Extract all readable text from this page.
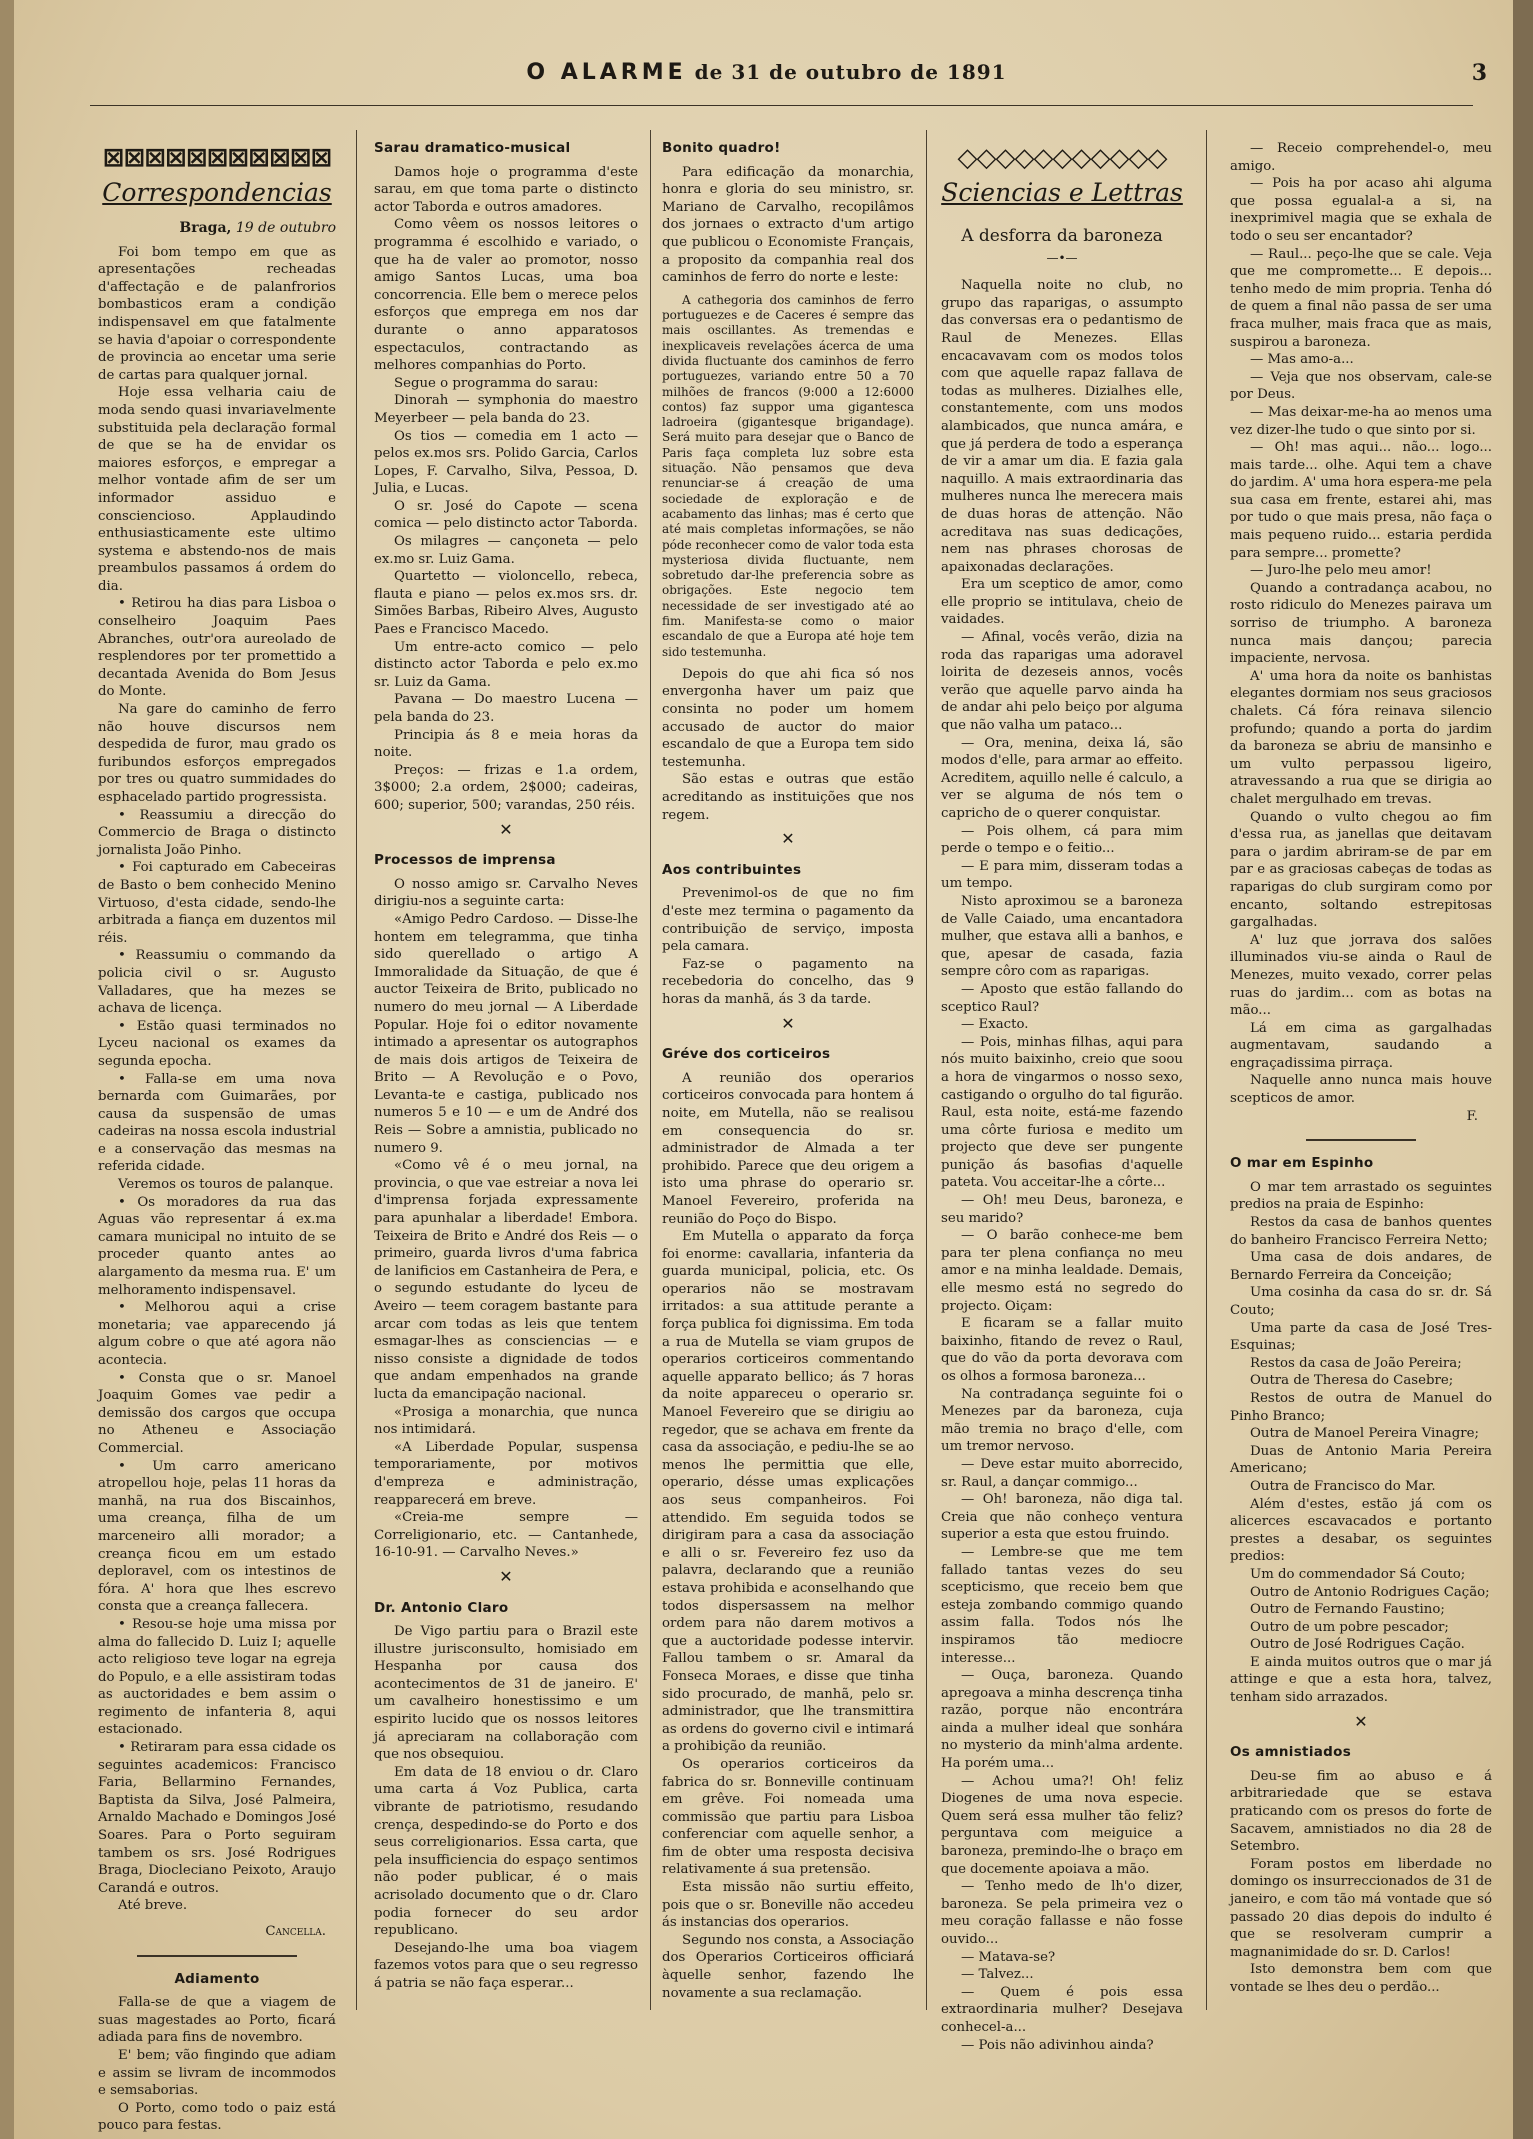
O ALARME de 31 de outubro de 1891	3
⊠⊠⊠⊠⊠⊠⊠⊠⊠⊠⊠
Correspondencias
Braga, 19 de outubro

Foi bom tempo em que as apresentações recheadas d'affectação e de palanfrorios bombasticos eram a condição indispensavel em que fatalmente se havia d'apoiar o correspondente de provincia ao encetar uma serie de cartas para qualquer jornal.

Hoje essa velharia caiu de moda sendo quasi invariavelmente substituida pela declaração formal de que se ha de envidar os maiores esforços, e empregar a melhor vontade afim de ser um informador assiduo e consciencioso. Applaudindo enthusiasticamente este ultimo systema e abstendo-nos de mais preambulos passamos á ordem do dia.

• Retirou ha dias para Lisboa o conselheiro Joaquim Paes Abranches, outr'ora aureolado de resplendores por ter promettido a decantada Avenida do Bom Jesus do Monte.

Na gare do caminho de ferro não houve discursos nem despedida de furor, mau grado os furibundos esforços empregados por tres ou quatro summidades do esphacelado partido progressista.

• Reassumiu a direcção do Commercio de Braga o distincto jornalista João Pinho.

• Foi capturado em Cabeceiras de Basto o bem conhecido Menino Virtuoso, d'esta cidade, sendo-lhe arbitrada a fiança em duzentos mil réis.

• Reassumiu o commando da policia civil o sr. Augusto Valladares, que ha mezes se achava de licença.

• Estão quasi terminados no Lyceu nacional os exames da segunda epocha.

• Falla-se em uma nova bernarda com Guimarães, por causa da suspensão de umas cadeiras na nossa escola industrial e a conservação das mesmas na referida cidade.

Veremos os touros de palanque.

• Os moradores da rua das Aguas vão representar á ex.ma camara municipal no intuito de se proceder quanto antes ao alargamento da mesma rua. E' um melhoramento indispensavel.

• Melhorou aqui a crise monetaria; vae apparecendo já algum cobre o que até agora não acontecia.

• Consta que o sr. Manoel Joaquim Gomes vae pedir a demissão dos cargos que occupa no Atheneu e Associação Commercial.

• Um carro americano atropellou hoje, pelas 11 horas da manhã, na rua dos Biscainhos, uma creança, filha de um marceneiro alli morador; a creança ficou em um estado deploravel, com os intestinos de fóra. A' hora que lhes escrevo consta que a creança fallecera.

• Resou-se hoje uma missa por alma do fallecido D. Luiz I; aquelle acto religioso teve logar na egreja do Populo, e a elle assistiram todas as auctoridades e bem assim o regimento de infanteria 8, aqui estacionado.

• Retiraram para essa cidade os seguintes academicos: Francisco Faria, Bellarmino Fernandes, Baptista da Silva, José Palmeira, Arnaldo Machado e Domingos José Soares. Para o Porto seguiram tambem os srs. José Rodrigues Braga, Diocleciano Peixoto, Araujo Carandá e outros.

Até breve.

Cancella.

Adiamento

Falla-se de que a viagem de suas magestades ao Porto, ficará adiada para fins de novembro.

E' bem; vão fingindo que adiam e assim se livram de incommodos e semsaborias.

O Porto, como todo o paiz está pouco para festas.

Sarau dramatico-musical

Damos hoje o programma d'este sarau, em que toma parte o distincto actor Taborda e outros amadores.

Como vêem os nossos leitores o programma é escolhido e variado, o que ha de valer ao promotor, nosso amigo Santos Lucas, uma boa concorrencia. Elle bem o merece pelos esforços que emprega em nos dar durante o anno apparatosos espectaculos, contractando as melhores companhias do Porto.

Segue o programma do sarau:

Dinorah — symphonia do maestro Meyerbeer — pela banda do 23.

Os tios — comedia em 1 acto — pelos ex.mos srs. Polido Garcia, Carlos Lopes, F. Carvalho, Silva, Pessoa, D. Julia, e Lucas.

O sr. José do Capote — scena comica — pelo distincto actor Taborda.

Os milagres — cançoneta — pelo ex.mo sr. Luiz Gama.

Quartetto — violoncello, rebeca, flauta e piano — pelos ex.mos srs. dr. Simões Barbas, Ribeiro Alves, Augusto Paes e Francisco Macedo.

Um entre-acto comico — pelo distincto actor Taborda e pelo ex.mo sr. Luiz da Gama.

Pavana — Do maestro Lucena — pela banda do 23.

Principia ás 8 e meia horas da noite.

Preços: — frizas e 1.a ordem, 3$000; 2.a ordem, 2$000; cadeiras, 600; superior, 500; varandas, 250 réis.

✕

Processos de imprensa

O nosso amigo sr. Carvalho Neves dirigiu-nos a seguinte carta:

«Amigo Pedro Cardoso. — Disse-lhe hontem em telegramma, que tinha sido querellado o artigo A Immoralidade da Situação, de que é auctor Teixeira de Brito, publicado no numero do meu jornal — A Liberdade Popular. Hoje foi o editor novamente intimado a apresentar os autographos de mais dois artigos de Teixeira de Brito — A Revolução e o Povo, Levanta-te e castiga, publicado nos numeros 5 e 10 — e um de André dos Reis — Sobre a amnistia, publicado no numero 9.

«Como vê é o meu jornal, na provincia, o que vae estreiar a nova lei d'imprensa forjada expressamente para apunhalar a liberdade! Embora. Teixeira de Brito e André dos Reis — o primeiro, guarda livros d'uma fabrica de lanificios em Castanheira de Pera, e o segundo estudante do lyceu de Aveiro — teem coragem bastante para arcar com todas as leis que tentem esmagar-lhes as consciencias — e nisso consiste a dignidade de todos que andam empenhados na grande lucta da emancipação nacional.

«Prosiga a monarchia, que nunca nos intimidará.

«A Liberdade Popular, suspensa temporariamente, por motivos d'empreza e administração, reapparecerá em breve.

«Creia-me sempre — Correligionario, etc. — Cantanhede, 16-10-91. — Carvalho Neves.»

✕

Dr. Antonio Claro

De Vigo partiu para o Brazil este illustre jurisconsulto, homisiado em Hespanha por causa dos acontecimentos de 31 de janeiro. E' um cavalheiro honestissimo e um espirito lucido que os nossos leitores já apreciaram na collaboração com que nos obsequiou.

Em data de 18 enviou o dr. Claro uma carta á Voz Publica, carta vibrante de patriotismo, resudando crença, despedindo-se do Porto e dos seus correligionarios. Essa carta, que pela insufficiencia do espaço sentimos não poder publicar, é o mais acrisolado documento que o dr. Claro podia fornecer do seu ardor republicano.

Desejando-lhe uma boa viagem fazemos votos para que o seu regresso á patria se não faça esperar...

Bonito quadro!

Para edificação da monarchia, honra e gloria do seu ministro, sr. Mariano de Carvalho, recopilâmos dos jornaes o extracto d'um artigo que publicou o Economiste Français, a proposito da companhia real dos caminhos de ferro do norte e leste:

A cathegoria dos caminhos de ferro portuguezes e de Caceres é sempre das mais oscillantes. As tremendas e inexplicaveis revelações ácerca de uma divida fluctuante dos caminhos de ferro portuguezes, variando entre 50 a 70 milhões de francos (9:000 a 12:6000 contos) faz suppor uma gigantesca ladroeira (gigantesque brigandage). Será muito para desejar que o Banco de Paris faça completa luz sobre esta situação. Não pensamos que deva renunciar-se á creação de uma sociedade de exploração e de acabamento das linhas; mas é certo que até mais completas informações, se não póde reconhecer como de valor toda esta mysteriosa divida fluctuante, nem sobretudo dar-lhe preferencia sobre as obrigações. Este negocio tem necessidade de ser investigado até ao fim. Manifesta-se como o maior escandalo de que a Europa até hoje tem sido testemunha.

Depois do que ahi fica só nos envergonha haver um paiz que consinta no poder um homem accusado de auctor do maior escandalo de que a Europa tem sido testemunha.

São estas e outras que estão acreditando as instituições que nos regem.

✕

Aos contribuintes

Prevenimol-os de que no fim d'este mez termina o pagamento da contribuição de serviço, imposta pela camara.

Faz-se o pagamento na recebedoria do concelho, das 9 horas da manhã, ás 3 da tarde.

✕

Gréve dos corticeiros

A reunião dos operarios corticeiros convocada para hontem á noite, em Mutella, não se realisou em consequencia do sr. administrador de Almada a ter prohibido. Parece que deu origem a isto uma phrase do operario sr. Manoel Fevereiro, proferida na reunião do Poço do Bispo.

Em Mutella o apparato da força foi enorme: cavallaria, infanteria da guarda municipal, policia, etc. Os operarios não se mostravam irritados: a sua attitude perante a força publica foi dignissima. Em toda a rua de Mutella se viam grupos de operarios corticeiros commentando aquelle apparato bellico; ás 7 horas da noite appareceu o operario sr. Manoel Fevereiro que se dirigiu ao regedor, que se achava em frente da casa da associação, e pediu-lhe se ao menos lhe permittia que elle, operario, désse umas explicações aos seus companheiros. Foi attendido. Em seguida todos se dirigiram para a casa da associação e alli o sr. Fevereiro fez uso da palavra, declarando que a reunião estava prohibida e aconselhando que todos dispersassem na melhor ordem para não darem motivos a que a auctoridade podesse intervir. Fallou tambem o sr. Amaral da Fonseca Moraes, e disse que tinha sido procurado, de manhã, pelo sr. administrador, que lhe transmittira as ordens do governo civil e intimará a prohibição da reunião.

Os operarios corticeiros da fabrica do sr. Bonneville continuam em grêve. Foi nomeada uma commissão que partiu para Lisboa conferenciar com aquelle senhor, a fim de obter uma resposta decisiva relativamente á sua pretensão.

Esta missão não surtiu effeito, pois que o sr. Boneville não accedeu ás instancias dos operarios.

Segundo nos consta, a Associação dos Operarios Corticeiros officiará àquelle senhor, fazendo lhe novamente a sua reclamação.

◇◇◇◇◇◇◇◇◇◇◇
Sciencias e Lettras

A desforra da baroneza

—•—

Naquella noite no club, no grupo das raparigas, o assumpto das conversas era o pedantismo de Raul de Menezes. Ellas encacavavam com os modos tolos com que aquelle rapaz fallava de todas as mulheres. Dizialhes elle, constantemente, com uns modos alambicados, que nunca amára, e que já perdera de todo a esperança de vir a amar um dia. E fazia gala naquillo. A mais extraordinaria das mulheres nunca lhe merecera mais de duas horas de attenção. Não acreditava nas suas dedicações, nem nas phrases chorosas de apaixonadas declarações.

Era um sceptico de amor, como elle proprio se intitulava, cheio de vaidades.

— Afinal, vocês verão, dizia na roda das raparigas uma adoravel loirita de dezeseis annos, vocês verão que aquelle parvo ainda ha de andar ahi pelo beiço por alguma que não valha um pataco...

— Ora, menina, deixa lá, são modos d'elle, para armar ao effeito. Acreditem, aquillo nelle é calculo, a ver se alguma de nós tem o capricho de o querer conquistar.

— Pois olhem, cá para mim perde o tempo e o feitio...

— E para mim, disseram todas a um tempo.

Nisto aproximou se a baroneza de Valle Caiado, uma encantadora mulher, que estava alli a banhos, e que, apesar de casada, fazia sempre côro com as raparigas.

— Aposto que estão fallando do sceptico Raul?

— Exacto.

— Pois, minhas filhas, aqui para nós muito baixinho, creio que soou a hora de vingarmos o nosso sexo, castigando o orgulho do tal figurão. Raul, esta noite, está-me fazendo uma côrte furiosa e medito um projecto que deve ser pungente punição ás basofias d'aquelle pateta. Vou acceitar-lhe a côrte...

— Oh! meu Deus, baroneza, e seu marido?

— O barão conhece-me bem para ter plena confiança no meu amor e na minha lealdade. Demais, elle mesmo está no segredo do projecto. Oiçam:

E ficaram se a fallar muito baixinho, fitando de revez o Raul, que do vão da porta devorava com os olhos a formosa baroneza...

Na contradança seguinte foi o Menezes par da baroneza, cuja mão tremia no braço d'elle, com um tremor nervoso.

— Deve estar muito aborrecido, sr. Raul, a dançar commigo...

— Oh! baroneza, não diga tal. Creia que não conheço ventura superior a esta que estou fruindo.

— Lembre-se que me tem fallado tantas vezes do seu scepticismo, que receio bem que esteja zombando commigo quando assim falla. Todos nós lhe inspiramos tão mediocre interesse...

— Ouça, baroneza. Quando apregoava a minha descrença tinha razão, porque não encontrára ainda a mulher ideal que sonhára no mysterio da minh'alma ardente. Ha porém uma...

— Achou uma?! Oh! feliz Diogenes de uma nova especie. Quem será essa mulher tão feliz? perguntava com meiguice a baroneza, premindo-lhe o braço em que docemente apoiava a mão.

— Tenho medo de lh'o dizer, baroneza. Se pela primeira vez o meu coração fallasse e não fosse ouvido...

— Matava-se?

— Talvez...

— Quem é pois essa extraordinaria mulher? Desejava conhecel-a...

— Pois não adivinhou ainda?

— Receio comprehendel-o, meu amigo.

— Pois ha por acaso ahi alguma que possa egualal-a a si, na inexprimivel magia que se exhala de todo o seu ser encantador?

— Raul... peço-lhe que se cale. Veja que me compromette... E depois... tenho medo de mim propria. Tenha dó de quem a final não passa de ser uma fraca mulher, mais fraca que as mais, suspirou a baroneza.

— Mas amo-a...

— Veja que nos observam, cale-se por Deus.

— Mas deixar-me-ha ao menos uma vez dizer-lhe tudo o que sinto por si.

— Oh! mas aqui... não... logo... mais tarde... olhe. Aqui tem a chave do jardim. A' uma hora espera-me pela sua casa em frente, estarei ahi, mas por tudo o que mais presa, não faça o mais pequeno ruido... estaria perdida para sempre... promette?

— Juro-lhe pelo meu amor!

Quando a contradança acabou, no rosto ridiculo do Menezes pairava um sorriso de triumpho. A baroneza nunca mais dançou; parecia impaciente, nervosa.

A' uma hora da noite os banhistas elegantes dormiam nos seus graciosos chalets. Cá fóra reinava silencio profundo; quando a porta do jardim da baroneza se abriu de mansinho e um vulto perpassou ligeiro, atravessando a rua que se dirigia ao chalet mergulhado em trevas.

Quando o vulto chegou ao fim d'essa rua, as janellas que deitavam para o jardim abriram-se de par em par e as graciosas cabeças de todas as raparigas do club surgiram como por encanto, soltando estrepitosas gargalhadas.

A' luz que jorrava dos salões illuminados viu-se ainda o Raul de Menezes, muito vexado, correr pelas ruas do jardim... com as botas na mão...

Lá em cima as gargalhadas augmentavam, saudando a engraçadissima pirraça.

Naquelle anno nunca mais houve scepticos de amor.

F.

O mar em Espinho

O mar tem arrastado os seguintes predios na praia de Espinho:

Restos da casa de banhos quentes do banheiro Francisco Ferreira Netto;

Uma casa de dois andares, de Bernardo Ferreira da Conceição;

Uma cosinha da casa do sr. dr. Sá Couto;

Uma parte da casa de José Tres-Esquinas;

Restos da casa de João Pereira;

Outra de Theresa do Casebre;

Restos de outra de Manuel do Pinho Branco;

Outra de Manoel Pereira Vinagre;

Duas de Antonio Maria Pereira Americano;

Outra de Francisco do Mar.

Além d'estes, estão já com os alicerces escavacados e portanto prestes a desabar, os seguintes predios:

Um do commendador Sá Couto;

Outro de Antonio Rodrigues Cação;

Outro de Fernando Faustino;

Outro de um pobre pescador;

Outro de José Rodrigues Cação.

E ainda muitos outros que o mar já attinge e que a esta hora, talvez, tenham sido arrazados.

✕

Os amnistiados

Deu-se fim ao abuso e á arbitrariedade que se estava praticando com os presos do forte de Sacavem, amnistiados no dia 28 de Setembro.

Foram postos em liberdade no domingo os insurreccionados de 31 de janeiro, e com tão má vontade que só passado 20 dias depois do indulto é que se resolveram cumprir a magnanimidade do sr. D. Carlos!

Isto demonstra bem com que vontade se lhes deu o perdão...
